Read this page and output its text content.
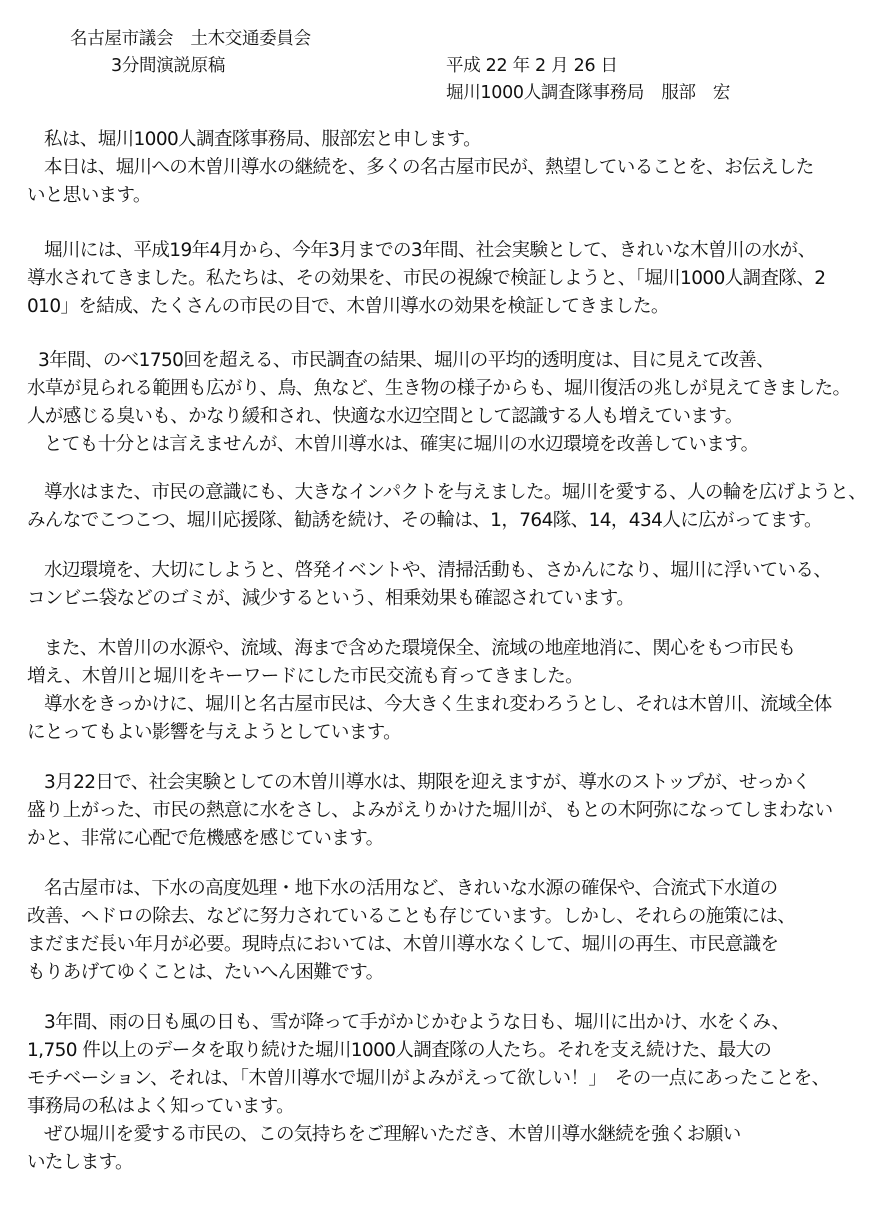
名古屋市議会　土木交通委員会
3分間演説原稿	平成 22 年 2 月 26 日
堀川1000人調査隊事務局　服部　宏
私は、堀川1000人調査隊事務局、服部宏と申します。
本日は、堀川への木曽川導水の継続を、多くの名古屋市民が、熱望していることを、お伝えした
いと思います。
堀川には、平成19年4月から、今年3月までの3年間、社会実験として、きれいな木曽川の水が、
導水されてきました。私たちは、その効果を、市民の視線で検証しようと、「堀川1000人調査隊、2
010」を結成、たくさんの市民の目で、木曽川導水の効果を検証してきました。
3年間、のべ1750回を超える、市民調査の結果、堀川の平均的透明度は、目に見えて改善、
水草が見られる範囲も広がり、鳥、魚など、生き物の様子からも、堀川復活の兆しが見えてきました。
人が感じる臭いも、かなり緩和され、快適な水辺空間として認識する人も増えています。
とても十分とは言えませんが、木曽川導水は、確実に堀川の水辺環境を改善しています。
導水はまた、市民の意識にも、大きなインパクトを与えました。堀川を愛する、人の輪を広げようと、
みんなでこつこつ、堀川応援隊、勧誘を続け、その輪は、1，764隊、14，434人に広がってます。
水辺環境を、大切にしようと、啓発イベントや、清掃活動も、さかんになり、堀川に浮いている、
コンビニ袋などのゴミが、減少するという、相乗効果も確認されています。
また、木曽川の水源や、流域、海まで含めた環境保全、流域の地産地消に、関心をもつ市民も
増え、木曽川と堀川をキーワードにした市民交流も育ってきました。
導水をきっかけに、堀川と名古屋市民は、今大きく生まれ変わろうとし、それは木曽川、流域全体
にとってもよい影響を与えようとしています。
3月22日で、社会実験としての木曽川導水は、期限を迎えますが、導水のストップが、せっかく
盛り上がった、市民の熱意に水をさし、よみがえりかけた堀川が、もとの木阿弥になってしまわない
かと、非常に心配で危機感を感じています。
名古屋市は、下水の高度処理・地下水の活用など、きれいな水源の確保や、合流式下水道の
改善、ヘドロの除去、などに努力されていることも存じています。しかし、それらの施策には、
まだまだ長い年月が必要。現時点においては、木曽川導水なくして、堀川の再生、市民意識を
もりあげてゆくことは、たいへん困難です。
3年間、雨の日も風の日も、雪が降って手がかじかむような日も、堀川に出かけ、水をくみ、
1,750 件以上のデータを取り続けた堀川1000人調査隊の人たち。それを支え続けた、最大の
モチベーション、それは、「木曽川導水で堀川がよみがえって欲しい！」　その一点にあったことを、
事務局の私はよく知っています。
ぜひ堀川を愛する市民の、この気持ちをご理解いただき、木曽川導水継続を強くお願い
いたします。
